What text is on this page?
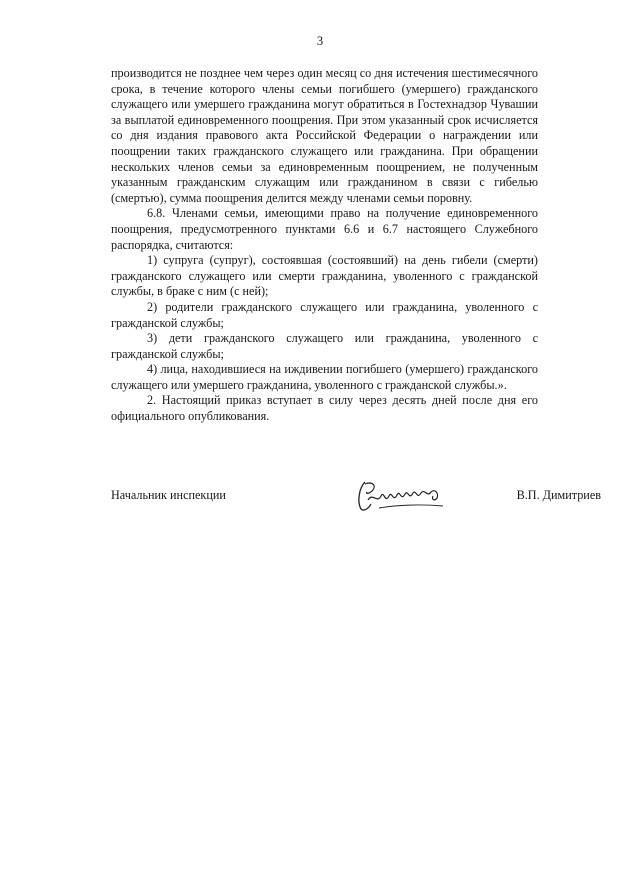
3

производится не позднее чем через один месяц со дня истечения шестимесячного срока, в течение которого члены семьи погибшего (умершего) гражданского служащего или умершего гражданина могут обратиться в Гостехнадзор Чувашии за выплатой единовременного поощрения. При этом указанный срок исчисляется со дня издания правового акта Российской Федерации о награждении или поощрении таких гражданского служащего или гражданина. При обращении нескольких членов семьи за единовременным поощрением, не полученным указанным гражданским служащим или гражданином в связи с гибелью (смертью), сумма поощрения делится между членами семьи поровну.

6.8. Членами семьи, имеющими право на получение единовременного поощрения, предусмотренного пунктами 6.6 и 6.7 настоящего Служебного распорядка, считаются:

1) супруга (супруг), состоявшая (состоявший) на день гибели (смерти) гражданского служащего или смерти гражданина, уволенного с гражданской службы, в браке с ним (с ней);

2) родители гражданского служащего или гражданина, уволенного с гражданской службы;

3) дети гражданского служащего или гражданина, уволенного с гражданской службы;

4) лица, находившиеся на иждивении погибшего (умершего) гражданского служащего или умершего гражданина, уволенного с гражданской службы.».

2. Настоящий приказ вступает в силу через десять дней после дня его официального опубликования.

Начальник инспекции	В.П. Димитриев
